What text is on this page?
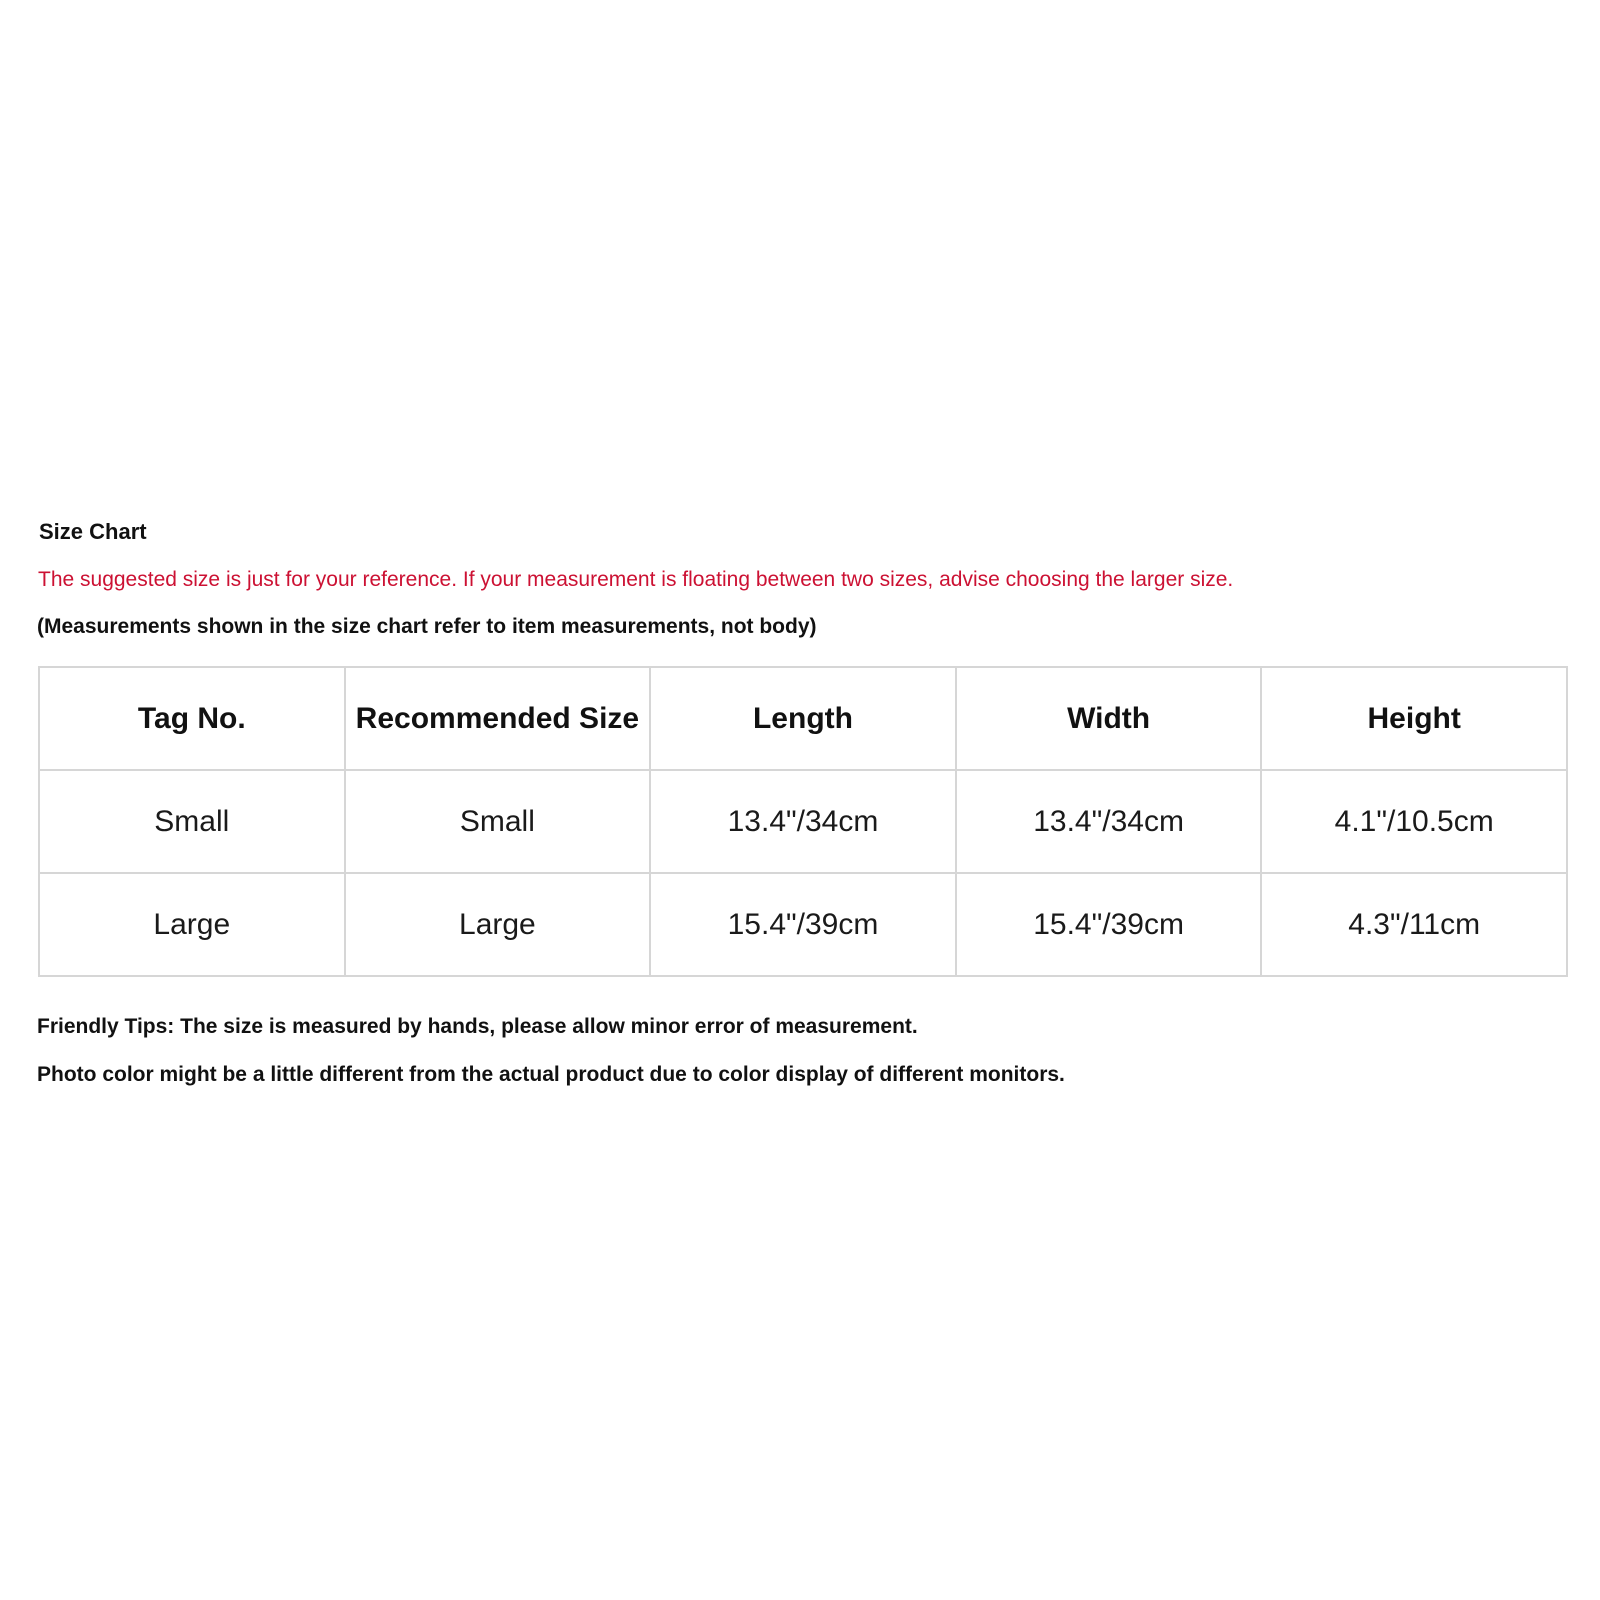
Size Chart
The suggested size is just for your reference. If your measurement is floating between two sizes, advise choosing the larger size.
(Measurements shown in the size chart refer to item measurements, not body)
Tag No.	Recommended Size	Length	Width	Height
Small	Small	13.4"/34cm	13.4"/34cm	4.1"/10.5cm
Large	Large	15.4"/39cm	15.4"/39cm	4.3"/11cm
Friendly Tips: The size is measured by hands, please allow minor error of measurement.
Photo color might be a little different from the actual product due to color display of different monitors.
